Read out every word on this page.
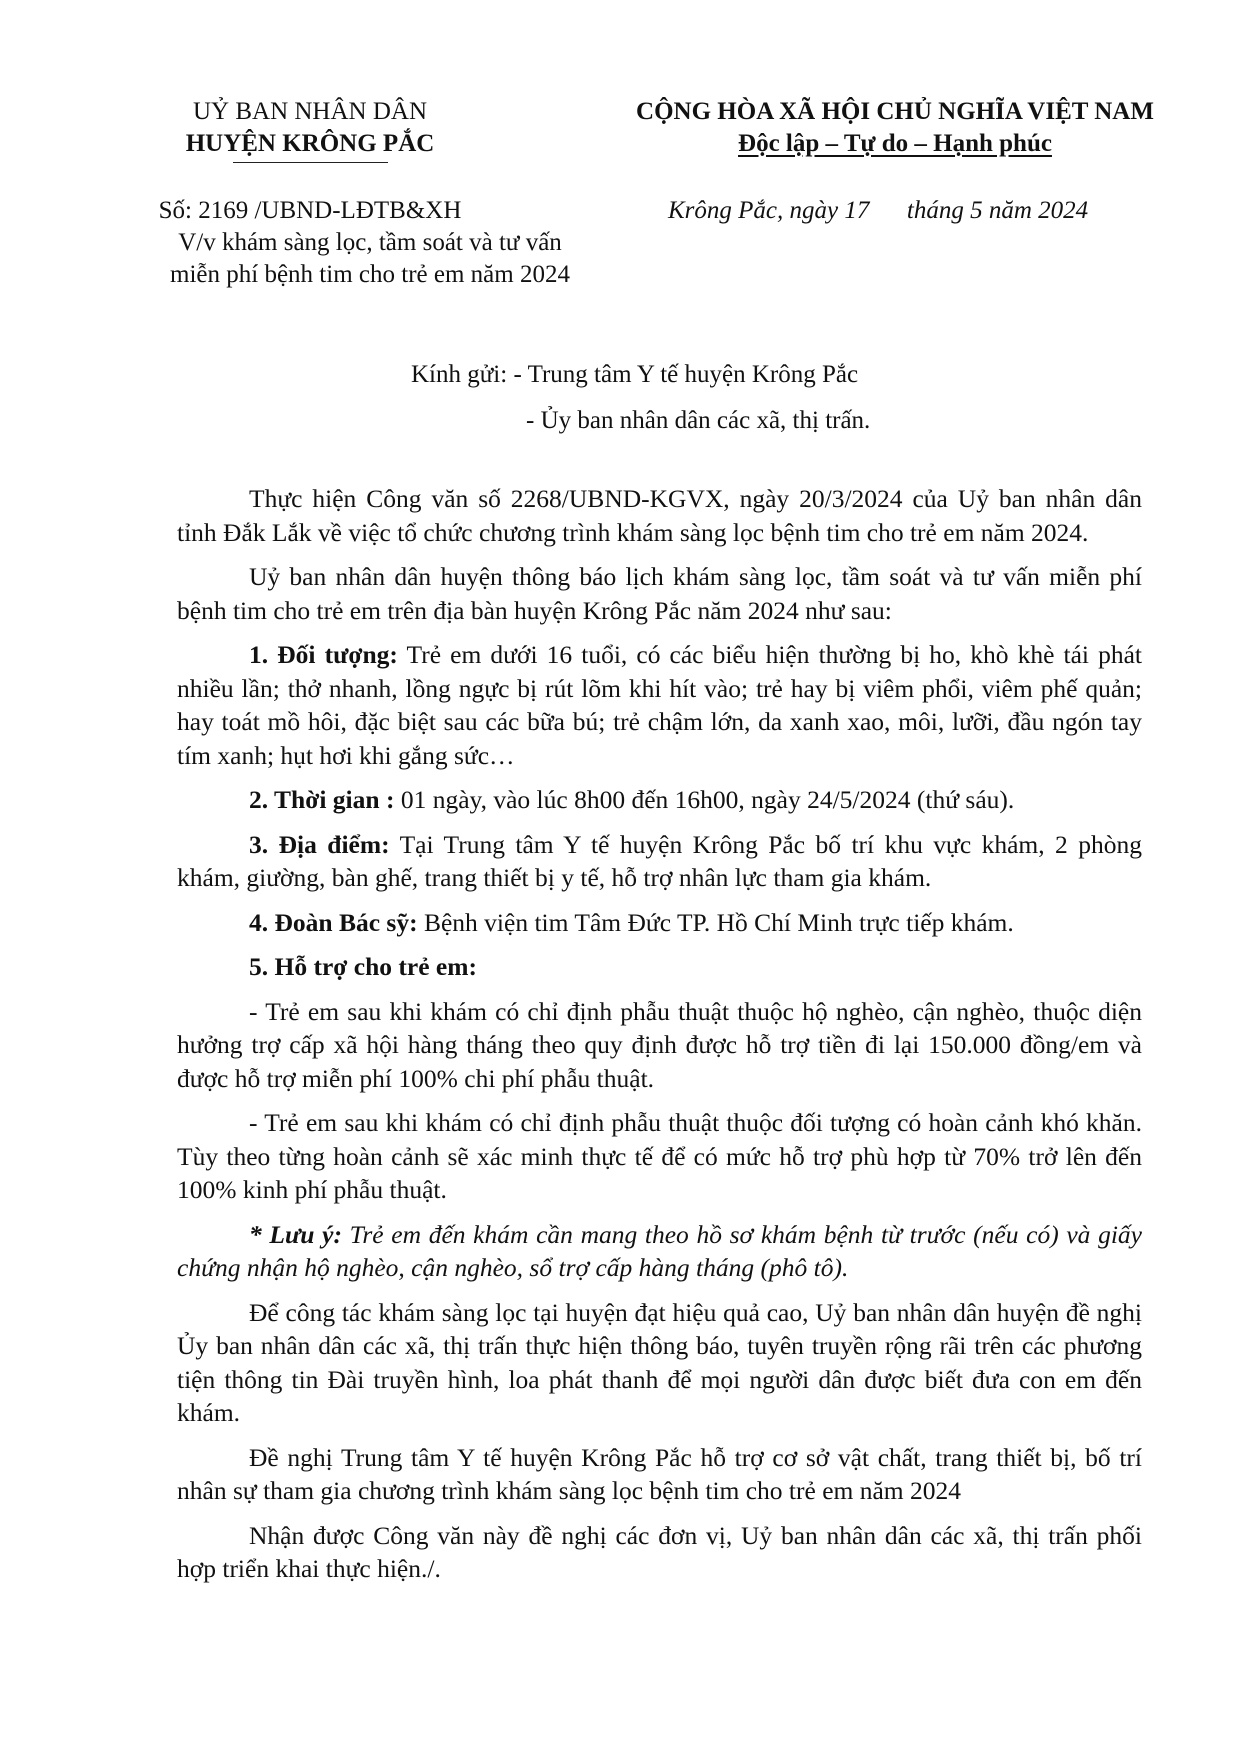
UỶ BAN NHÂN DÂN
HUYỆN KRÔNG PẮC
CỘNG HÒA XÃ HỘI CHỦ NGHĨA VIỆT NAM
Độc lập – Tự do – Hạnh phúc
Số: 2169 /UBND-LĐTB&XH
V/v khám sàng lọc, tầm soát và tư vấn
miễn phí bệnh tim cho trẻ em năm 2024
Krông Pắc, ngày 17      tháng 5 năm 2024
Kính gửi: - Trung tâm Y tế huyện Krông Pắc
- Ủy ban nhân dân các xã, thị trấn.

Thực hiện Công văn số 2268/UBND-KGVX, ngày 20/3/2024 của Uỷ ban nhân dân tỉnh Đắk Lắk về việc tổ chức chương trình khám sàng lọc bệnh tim cho trẻ em năm 2024.

Uỷ ban nhân dân huyện thông báo lịch khám sàng lọc, tầm soát và tư vấn miễn phí bệnh tim cho trẻ em trên địa bàn huyện Krông Pắc năm 2024 như sau:

1. Đối tượng: Trẻ em dưới 16 tuổi, có các biểu hiện thường bị ho, khò khè tái phát nhiều lần; thở nhanh, lồng ngực bị rút lõm khi hít vào; trẻ hay bị viêm phổi, viêm phế quản; hay toát mồ hôi, đặc biệt sau các bữa bú; trẻ chậm lớn, da xanh xao, môi, lưỡi, đầu ngón tay tím xanh; hụt hơi khi gắng sức…

2. Thời gian : 01 ngày, vào lúc 8h00 đến 16h00, ngày 24/5/2024 (thứ sáu).

3. Địa điểm: Tại Trung tâm Y tế huyện Krông Pắc bố trí khu vực khám, 2 phòng khám, giường, bàn ghế, trang thiết bị y tế, hỗ trợ nhân lực tham gia khám.

4. Đoàn Bác sỹ: Bệnh viện tim Tâm Đức TP. Hồ Chí Minh trực tiếp khám.

5. Hỗ trợ cho trẻ em:

- Trẻ em sau khi khám có chỉ định phẫu thuật thuộc hộ nghèo, cận nghèo, thuộc diện hưởng trợ cấp xã hội hàng tháng theo quy định được hỗ trợ tiền đi lại 150.000 đồng/em và được hỗ trợ miễn phí 100% chi phí phẫu thuật.

- Trẻ em sau khi khám có chỉ định phẫu thuật thuộc đối tượng có hoàn cảnh khó khăn. Tùy theo từng hoàn cảnh sẽ xác minh thực tế để có mức hỗ trợ phù hợp từ 70% trở lên đến 100% kinh phí phẫu thuật.

* Lưu ý: Trẻ em đến khám cần mang theo hồ sơ khám bệnh từ trước (nếu có) và giấy chứng nhận hộ nghèo, cận nghèo, sổ trợ cấp hàng tháng (phô tô).

Để công tác khám sàng lọc tại huyện đạt hiệu quả cao, Uỷ ban nhân dân huyện đề nghị Ủy ban nhân dân các xã, thị trấn thực hiện thông báo, tuyên truyền rộng rãi trên các phương tiện thông tin Đài truyền hình, loa phát thanh để mọi người dân được biết đưa con em đến khám.

Đề nghị Trung tâm Y tế huyện Krông Pắc hỗ trợ cơ sở vật chất, trang thiết bị, bố trí nhân sự tham gia chương trình khám sàng lọc bệnh tim cho trẻ em năm 2024

Nhận được Công văn này đề nghị các đơn vị, Uỷ ban nhân dân các xã, thị trấn phối hợp triển khai thực hiện./.
